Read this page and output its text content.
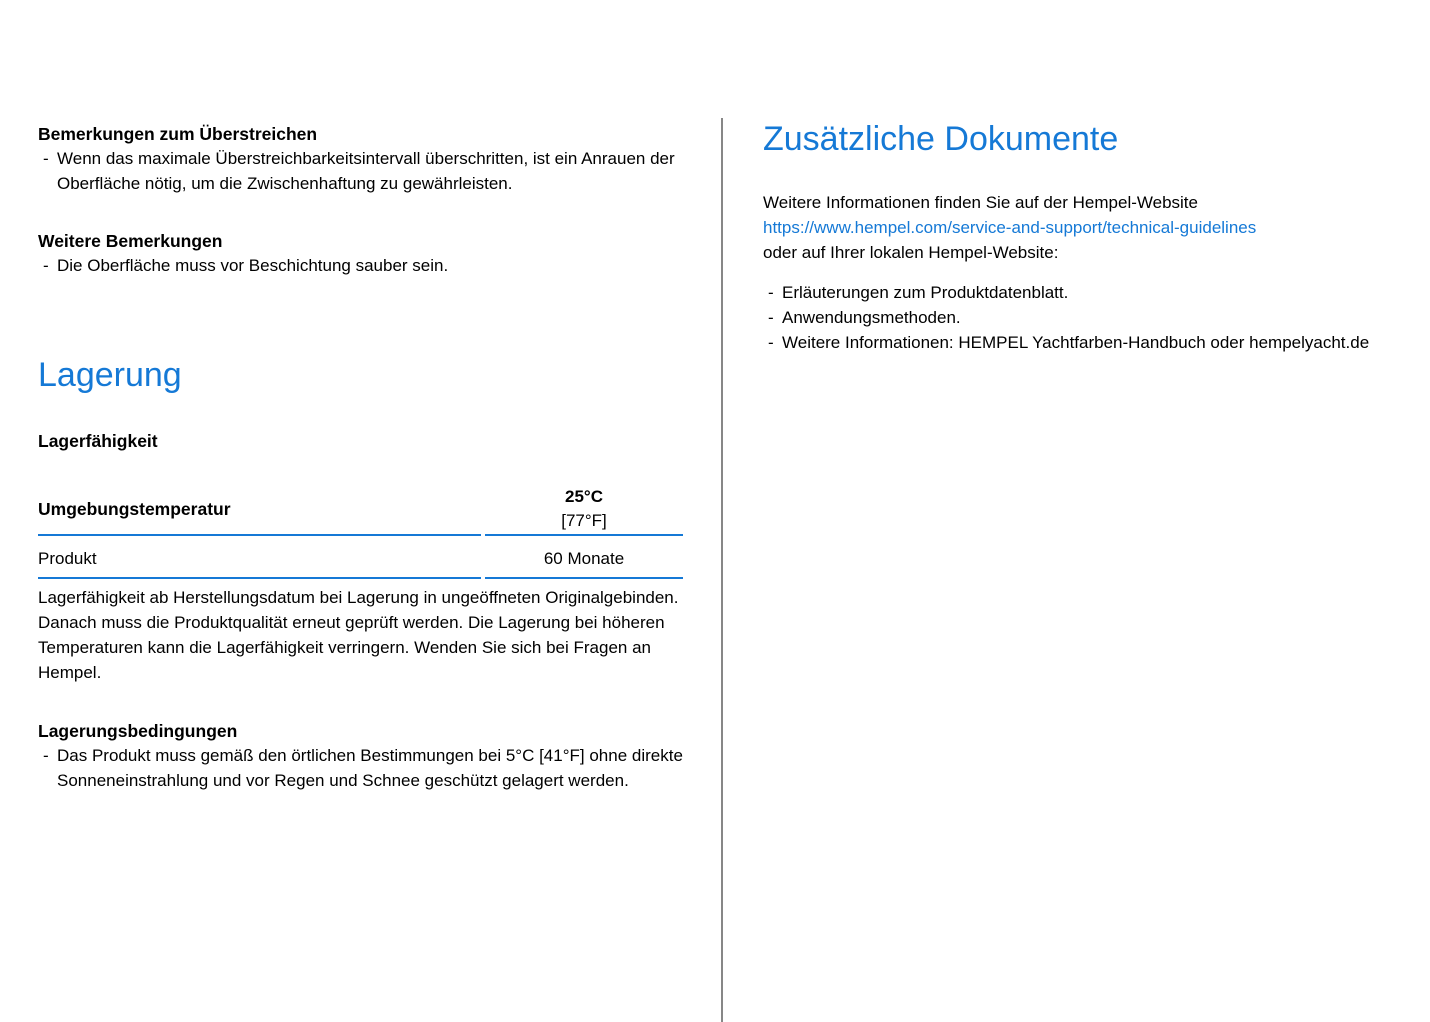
Bemerkungen zum Überstreichen
- Wenn das maximale Überstreichbarkeitsintervall überschritten, ist ein Anrauen der Oberfläche nötig, um die Zwischenhaftung zu gewährleisten.
Weitere Bemerkungen
- Die Oberfläche muss vor Beschichtung sauber sein.
Lagerung
Lagerfähigkeit
Umgebungstemperatur
25°C
[77°F]
Produkt	60 Monate

Lagerfähigkeit ab Herstellungsdatum bei Lagerung in ungeöffneten Originalgebinden. Danach muss die Produktqualität erneut geprüft werden. Die Lagerung bei höheren Temperaturen kann die Lagerfähigkeit verringern. Wenden Sie sich bei Fragen an Hempel.

Lagerungsbedingungen
- Das Produkt muss gemäß den örtlichen Bestimmungen bei 5°C [41°F] ohne direkte Sonneneinstrahlung und vor Regen und Schnee geschützt gelagert werden.
Zusätzliche Dokumente
Weitere Informationen finden Sie auf der Hempel-Website
https://www.hempel.com/service-and-support/technical-guidelines
oder auf Ihrer lokalen Hempel-Website:
- Erläuterungen zum Produktdatenblatt.
- Anwendungsmethoden.
- Weitere Informationen: HEMPEL Yachtfarben-Handbuch oder hempelyacht.de
